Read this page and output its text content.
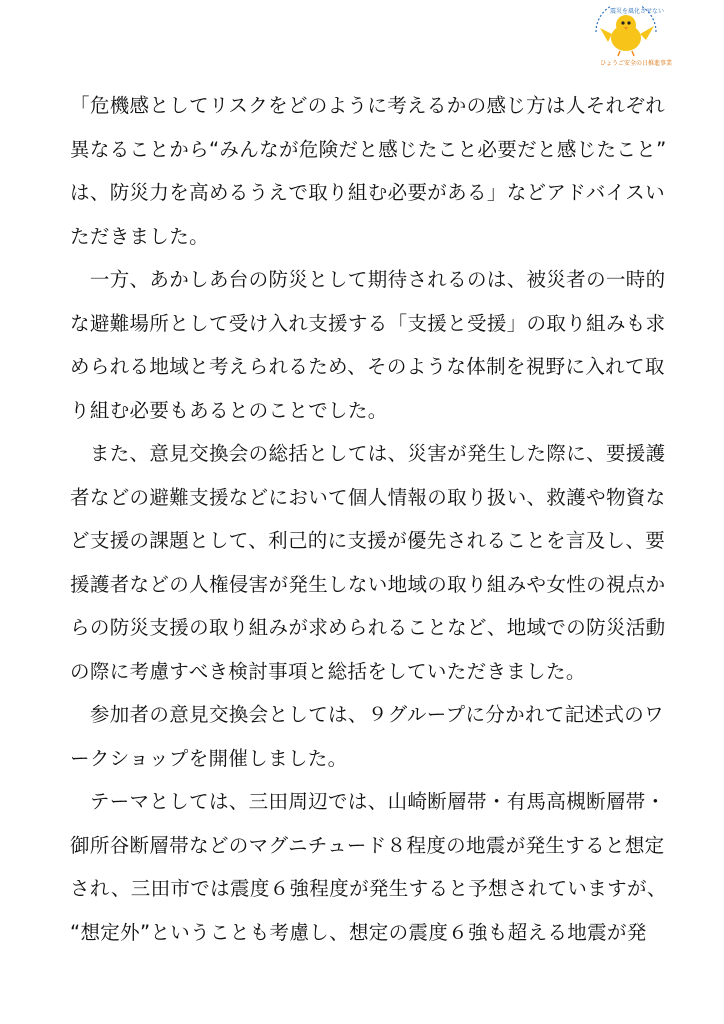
震災を風化させない
ひょうご安全の日推進事業
「危機感としてリスクをどのように考えるかの感じ方は人それぞれ
異なることから“みんなが危険だと感じたこと必要だと感じたこと”
は、防災力を高めるうえで取り組む必要がある」などアドバイスい
ただきました。
　一方、あかしあ台の防災として期待されるのは、被災者の一時的
な避難場所として受け入れ支援する「支援と受援」の取り組みも求
められる地域と考えられるため、そのような体制を視野に入れて取
り組む必要もあるとのことでした。
　また、意見交換会の総括としては、災害が発生した際に、要援護
者などの避難支援などにおいて個人情報の取り扱い、救護や物資な
ど支援の課題として、利己的に支援が優先されることを言及し、要
援護者などの人権侵害が発生しない地域の取り組みや女性の視点か
らの防災支援の取り組みが求められることなど、地域での防災活動
の際に考慮すべき検討事項と総括をしていただきました。
　参加者の意見交換会としては、９グループに分かれて記述式のワ
ークショップを開催しました。
　テーマとしては、三田周辺では、山崎断層帯・有馬高槻断層帯・
御所谷断層帯などのマグニチュード８程度の地震が発生すると想定
され、三田市では震度６強程度が発生すると予想されていますが、
“想定外”ということも考慮し、想定の震度６強も超える地震が発
